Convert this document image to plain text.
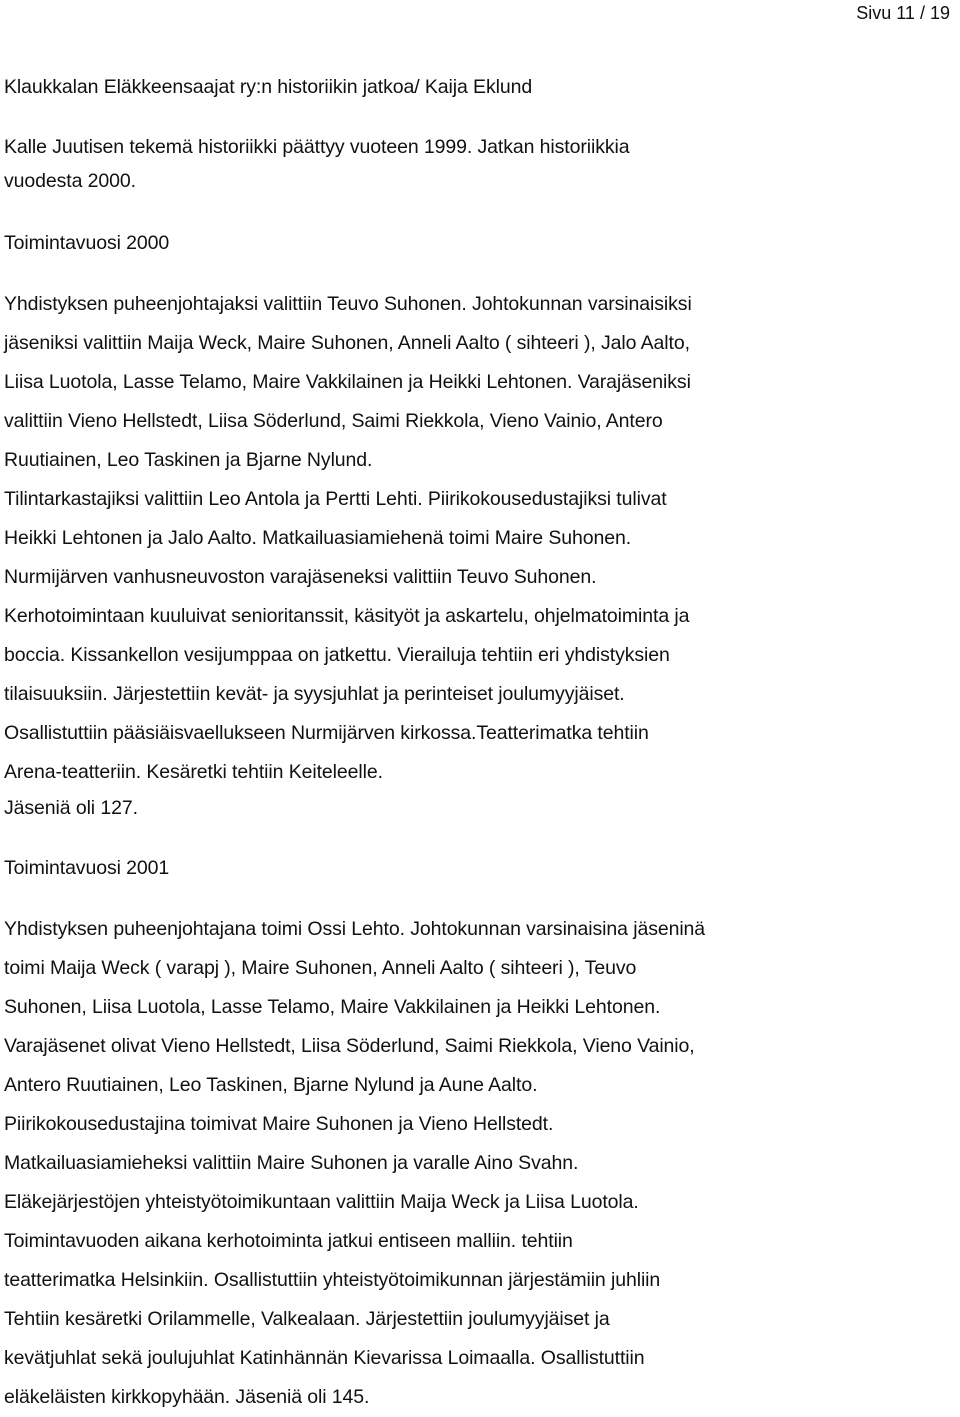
Sivu 11 / 19

Klaukkalan Eläkkeensaajat ry:n historiikin jatkoa/ Kaija Eklund

Kalle Juutisen tekemä historiikki päättyy vuoteen 1999. Jatkan historiikkia
vuodesta 2000.

Toimintavuosi 2000

Yhdistyksen puheenjohtajaksi valittiin Teuvo Suhonen. Johtokunnan varsinaisiksi
jäseniksi valittiin Maija Weck, Maire Suhonen, Anneli Aalto ( sihteeri ), Jalo Aalto,
Liisa Luotola, Lasse Telamo, Maire Vakkilainen ja Heikki Lehtonen. Varajäseniksi
valittiin Vieno Hellstedt, Liisa Söderlund, Saimi Riekkola, Vieno Vainio, Antero
Ruutiainen, Leo Taskinen ja Bjarne Nylund.
Tilintarkastajiksi valittiin Leo Antola ja Pertti Lehti. Piirikokousedustajiksi tulivat
Heikki Lehtonen ja Jalo Aalto. Matkailuasiamiehenä toimi Maire Suhonen.
Nurmijärven vanhusneuvoston varajäseneksi valittiin Teuvo Suhonen.
Kerhotoimintaan kuuluivat senioritanssit, käsityöt ja askartelu, ohjelmatoiminta ja
boccia. Kissankellon vesijumppaa on jatkettu. Vierailuja tehtiin eri yhdistyksien
tilaisuuksiin. Järjestettiin kevät- ja syysjuhlat ja perinteiset joulumyyjäiset.
Osallistuttiin pääsiäisvaellukseen Nurmijärven kirkossa.Teatterimatka tehtiin
Arena-teatteriin. Kesäretki tehtiin Keiteleelle.

Jäseniä oli 127.

Toimintavuosi 2001

Yhdistyksen puheenjohtajana toimi Ossi Lehto. Johtokunnan varsinaisina jäseninä
toimi Maija Weck ( varapj ), Maire Suhonen, Anneli Aalto ( sihteeri ), Teuvo
Suhonen, Liisa Luotola, Lasse Telamo, Maire Vakkilainen ja Heikki Lehtonen.
Varajäsenet olivat Vieno Hellstedt, Liisa Söderlund, Saimi Riekkola, Vieno Vainio,
Antero Ruutiainen, Leo Taskinen, Bjarne Nylund ja Aune Aalto.
Piirikokousedustajina toimivat Maire Suhonen ja Vieno Hellstedt.
Matkailuasiamieheksi valittiin Maire Suhonen ja varalle Aino Svahn.
Eläkejärjestöjen yhteistyötoimikuntaan valittiin Maija Weck ja Liisa Luotola.
Toimintavuoden aikana kerhotoiminta jatkui entiseen malliin. tehtiin
teatterimatka Helsinkiin. Osallistuttiin yhteistyötoimikunnan järjestämiin juhliin
Tehtiin kesäretki Orilammelle, Valkealaan. Järjestettiin joulumyyjäiset ja
kevätjuhlat sekä joulujuhlat Katinhännän Kievarissa Loimaalla. Osallistuttiin
eläkeläisten kirkkopyhään. Jäseniä oli 145.
